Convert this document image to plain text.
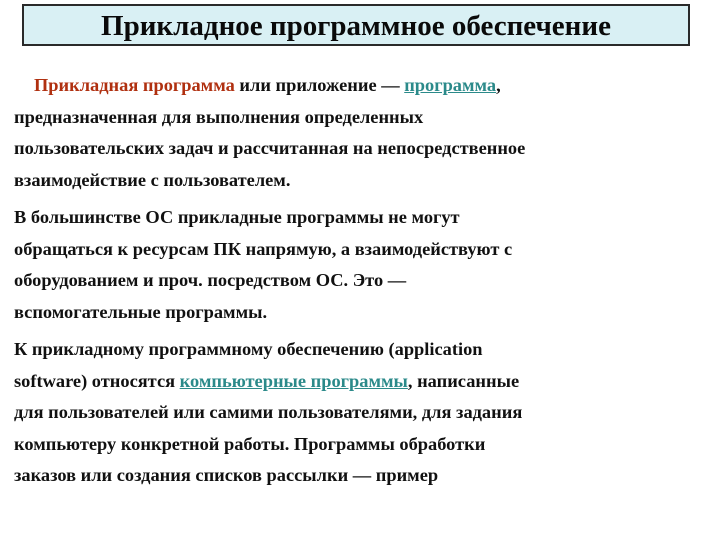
Прикладное программное обеспечение

Прикладная программа или приложение — программа,
предназначенная для выполнения определенных
пользовательских задач и рассчитанная на непосредственное
взаимодействие с пользователем.

В большинстве ОС прикладные программы не могут
обращаться к ресурсам ПК напрямую, а взаимодействуют с
оборудованием и проч. посредством ОС. Это —
вспомогательные программы.

К прикладному программному обеспечению (application
software) относятся компьютерные программы, написанные
для пользователей или самими пользователями, для задания
компьютеру конкретной работы. Программы обработки
заказов или создания списков рассылки — пример
